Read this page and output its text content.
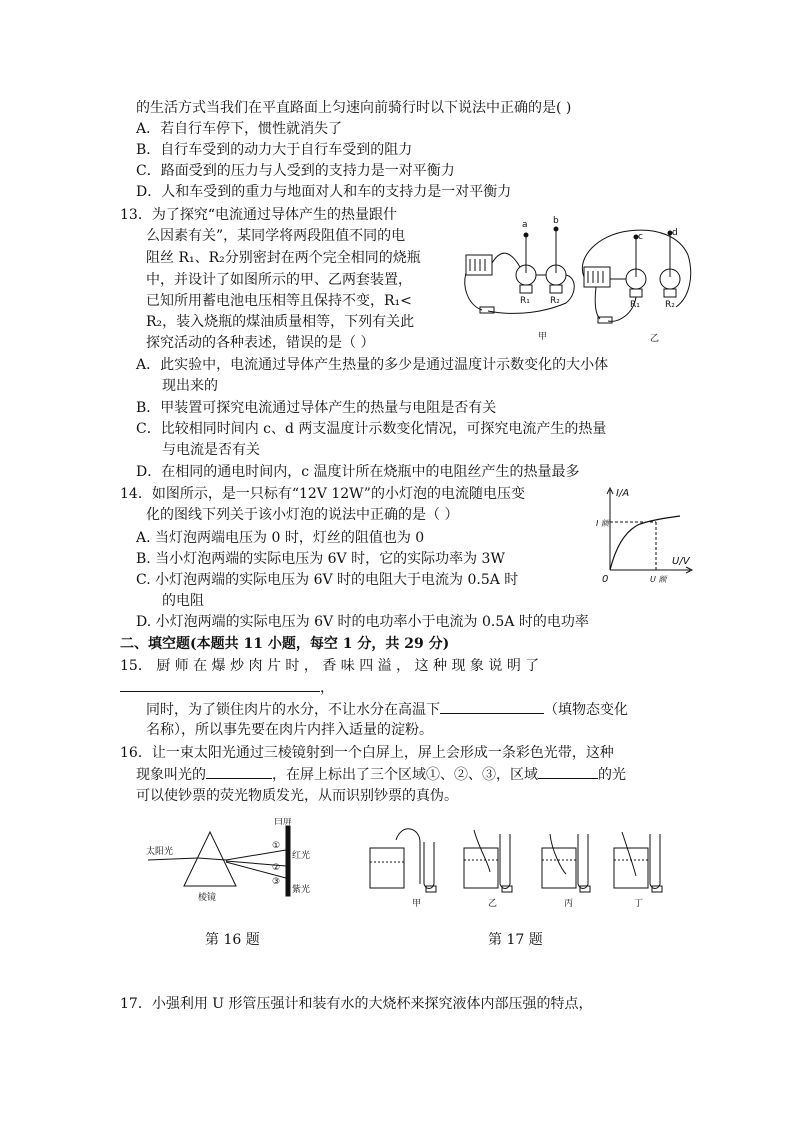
的生活方式当我们在平直路面上匀速向前骑行时以下说法中正确的是( )
A．若自行车停下，惯性就消失了
B．自行车受到的动力大于自行车受到的阻力
C．路面受到的压力与人受到的支持力是一对平衡力
D．人和车受到的重力与地面对人和车的支持力是一对平衡力
13．为了探究“电流通过导体产生的热量跟什
么因素有关”，某同学将两段阻值不同的电
阻丝 R₁、R₂分别密封在两个完全相同的烧瓶
中，并设计了如图所示的甲、乙两套装置，
已知所用蓄电池电压相等且保持不变，R₁<
R₂，装入烧瓶的煤油质量相等，下列有关此
探究活动的各种表述，错误的是（ ）
a	b
c	d
R₁ R₂	R₁	R₂
甲	乙
A．此实验中，电流通过导体产生热量的多少是通过温度计示数变化的大小体
现出来的
B．甲装置可探究电流通过导体产生的热量与电阻是否有关
C．比较相同时间内 c、d 两支温度计示数变化情况，可探究电流产生的热量
与电流是否有关
D．在相同的通电时间内，c 温度计所在烧瓶中的电阻丝产生的热量最多
14．如图所示，是一只标有“12V 12W”的小灯泡的电流随电压变
化的图线下列关于该小灯泡的说法中正确的是（ ）
A. 当灯泡两端电压为 0 时，灯丝的阻值也为 0
B. 当小灯泡两端的实际电压为 6V 时，它的实际功率为 3W
C. 小灯泡两端的实际电压为 6V 时的电阻大于电流为 0.5A 时
的电阻
D. 小灯泡两端的实际电压为 6V 时的电功率小于电流为 0.5A 时的电功率
I/A
U/V
0
I 额
U 额
二、填空题(本题共 11 小题，每空 1 分，共 29 分)
15． 厨 师 在 爆 炒 肉 片 时 ， 香 味 四 溢 ， 这 种 现 象 说 明 了
，
同时，为了锁住肉片的水分，不让水分在高温下	（填物态变化
名称），所以事先要在肉片内拌入适量的淀粉。
16．让一束太阳光通过三棱镜射到一个白屏上，屏上会形成一条彩色光带，这种
现象叫光的	，在屏上标出了三个区域①、②、③，区域	的光
可以使钞票的荧光物质发光，从而识别钞票的真伪。
白屏
太阳光
棱镜
红光
紫光
①
②
③
第 16 题
甲	乙	丙	丁
第 17 题
17．小强利用 U 形管压强计和装有水的大烧杯来探究液体内部压强的特点，
